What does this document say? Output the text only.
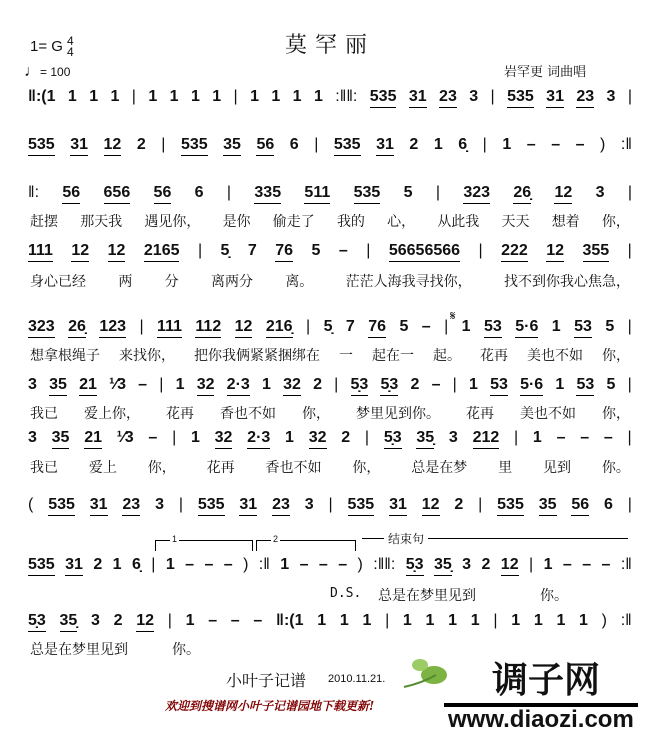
莫罕丽
1= G 4
4
♩= 100	岩罕更 词曲唱
‖:(1 1 1 1 | 1 1 1 1 | 1 1 1 1 :‖‖: 535 31 23 3 | 535 31 23 3 |
535 31 12 2 | 535 35 56 6 | 535 31 2 1 6̣ | 1 – – – ) :‖
‖: 56 656 56 6 | 335 511 535 5 | 323 26̣ 12 3 |
111 12 12 2165 | 5̣ 7 76 5 – | 56656566 | 222 12 355 |
323 26̣ 123 | 111 112 12 216̣ | 5̣ 7 76 5 – | 1 53 5·6 1 53 5 |
3 35 21 ¹⁄3 – | 1 32 2·3 1 32 2 | 5̣3 5̣3 2 – | 1 53 5·6 1 53 5 |
3 35 21 ¹⁄3 – | 1 32 2·3 1 32 2 | 5̣3 35̣ 3 212 | 1 – – – |
( 535 31 23 3 | 535 31 23 3 | 535 31 12 2 | 535 35 56 6 |
535 31 2 1 6̣ | 1 – – – ) :‖ 1 – – – ) :‖‖: 5̣3 35̣ 3 2 12 | 1 – – – :‖
5̣3 35̣ 3 2 12 | 1 – – – ‖:(1 1 1 1 | 1 1 1 1 | 1 1 1 1 ) :‖
赶摆 那天我 遇见你， 是你 偷走了 我的 心， 从此我 天天 想着 你，
身心已经 两 分 离两分 离。 茫茫人海我寻找你， 找不到你我心焦急，
想拿根绳子 来找你， 把你我俩紧紧捆绑在 一 起在一 起。 花再 美也不如 你，
我已 爱上你， 花再 香也不如 你， 梦里见到你。 花再 美也不如 你，
我已 爱上 你， 花再 香也不如 你， 总是在梦 里 见到 你。
总是在梦里见到	你。
总是在梦里见到	你。
𝄋
1	2	结束句
D.S.
小叶子记谱 2010.11.21.
欢迎到搜谱网小叶子记谱园地下载更新!
调子网
www.diaozi.com
